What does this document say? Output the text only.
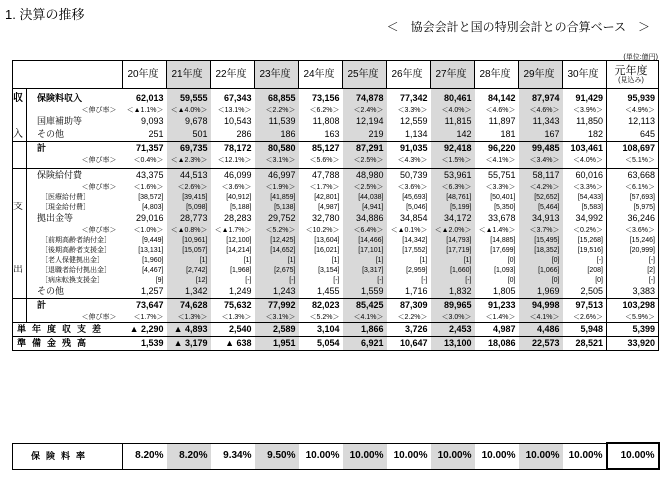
1. 決算の推移
＜　協会会計と国の特別会計との合算ベース　＞
(単位:億円)
		20年度	21年度	22年度	23年度	24年度	25年度	26年度	27年度	28年度	29年度	30年度	元年度
(見込み)

収	保険料収入	62,013	59,555	67,343	68,855	73,156	74,878	77,342	80,461	84,142	87,974	91,429	95,939
	＜伸び率＞	＜▲1.1%＞	＜▲4.0%＞	＜13.1%＞	＜2.2%＞	＜6.2%＞	＜2.4%＞	＜3.3%＞	＜4.0%＞	＜4.6%＞	＜4.6%＞	＜3.9%＞	＜4.9%＞
	国庫補助等	9,093	9,678	10,543	11,539	11,808	12,194	12,559	11,815	11,897	11,343	11,850	12,113
入	その他	251	501	286	186	163	219	1,134	142	181	167	182	645
	計	71,357	69,735	78,172	80,580	85,127	87,291	91,035	92,418	96,220	99,485	103,461	108,697
	＜伸び率＞	＜0.4%＞	＜▲2.3%＞	＜12.1%＞	＜3.1%＞	＜5.6%＞	＜2.5%＞	＜4.3%＞	＜1.5%＞	＜4.1%＞	＜3.4%＞	＜4.0%＞	＜5.1%＞

	保険給付費	43,375	44,513	46,099	46,997	47,788	48,980	50,739	53,961	55,751	58,117	60,016	63,668
	＜伸び率＞	＜1.6%＞	＜2.6%＞	＜3.6%＞	＜1.9%＞	＜1.7%＞	＜2.5%＞	＜3.6%＞	＜6.3%＞	＜3.3%＞	＜4.2%＞	＜3.3%＞	＜6.1%＞
	［医療給付費］	[38,572]	[39,415]	[40,912]	[41,859]	[42,801]	[44,038]	[45,693]	[48,761]	[50,401]	[52,652]	[54,433]	[57,693]
支	［現金給付費］	[4,803]	[5,098]	[5,188]	[5,138]	[4,987]	[4,941]	[5,046]	[5,199]	[5,350]	[5,464]	[5,583]	[5,975]
	拠出金等	29,016	28,773	28,283	29,752	32,780	34,886	34,854	34,172	33,678	34,913	34,992	36,246
	＜伸び率＞	＜1.0%＞	＜▲0.8%＞	＜▲1.7%＞	＜5.2%＞	＜10.2%＞	＜6.4%＞	＜▲0.1%＞	＜▲2.0%＞	＜▲1.4%＞	＜3.7%＞	＜0.2%＞	＜3.6%＞
	［前期高齢者納付金］	[9,449]	[10,961]	[12,100]	[12,425]	[13,604]	[14,466]	[14,342]	[14,793]	[14,885]	[15,495]	[15,268]	[15,246]
	［後期高齢者支援金］	[13,131]	[15,057]	[14,214]	[14,652]	[16,021]	[17,101]	[17,552]	[17,719]	[17,699]	[18,352]	[19,516]	[20,999]
	［老人保健拠出金］	[1,960]	[1]	[1]	[1]	[1]	[1]	[1]	[1]	[0]	[0]	[-]	[-]
出	［退職者給付拠出金］	[4,467]	[2,742]	[1,968]	[2,675]	[3,154]	[3,317]	[2,959]	[1,660]	[1,093]	[1,066]	[208]	[2]
	［病床転換支援金］	[9]	[12]	[-]	[-]	[-]	[-]	[-]	[-]	[0]	[0]	[0]	[-]
	その他	1,257	1,342	1,249	1,243	1,455	1,559	1,716	1,832	1,805	1,969	2,505	3,383
	計	73,647	74,628	75,632	77,992	82,023	85,425	87,309	89,965	91,233	94,998	97,513	103,298
	＜伸び率＞	＜1.7%＞	＜1.3%＞	＜1.3%＞	＜3.1%＞	＜5.2%＞	＜4.1%＞	＜2.2%＞	＜3.0%＞	＜1.4%＞	＜4.1%＞	＜2.6%＞	＜5.9%＞
単年度収支差		▲ 2,290	▲ 4,893	2,540	2,589	3,104	1,866	3,726	2,453	4,987	4,486	5,948	5,399
準備金残高		1,539	▲ 3,179	▲ 638	1,951	5,054	6,921	10,647	13,100	18,086	22,573	28,521	33,920
保険料率	8.20%	8.20%	9.34%	9.50%	10.00%	10.00%	10.00%	10.00%	10.00%	10.00%	10.00%	10.00%
